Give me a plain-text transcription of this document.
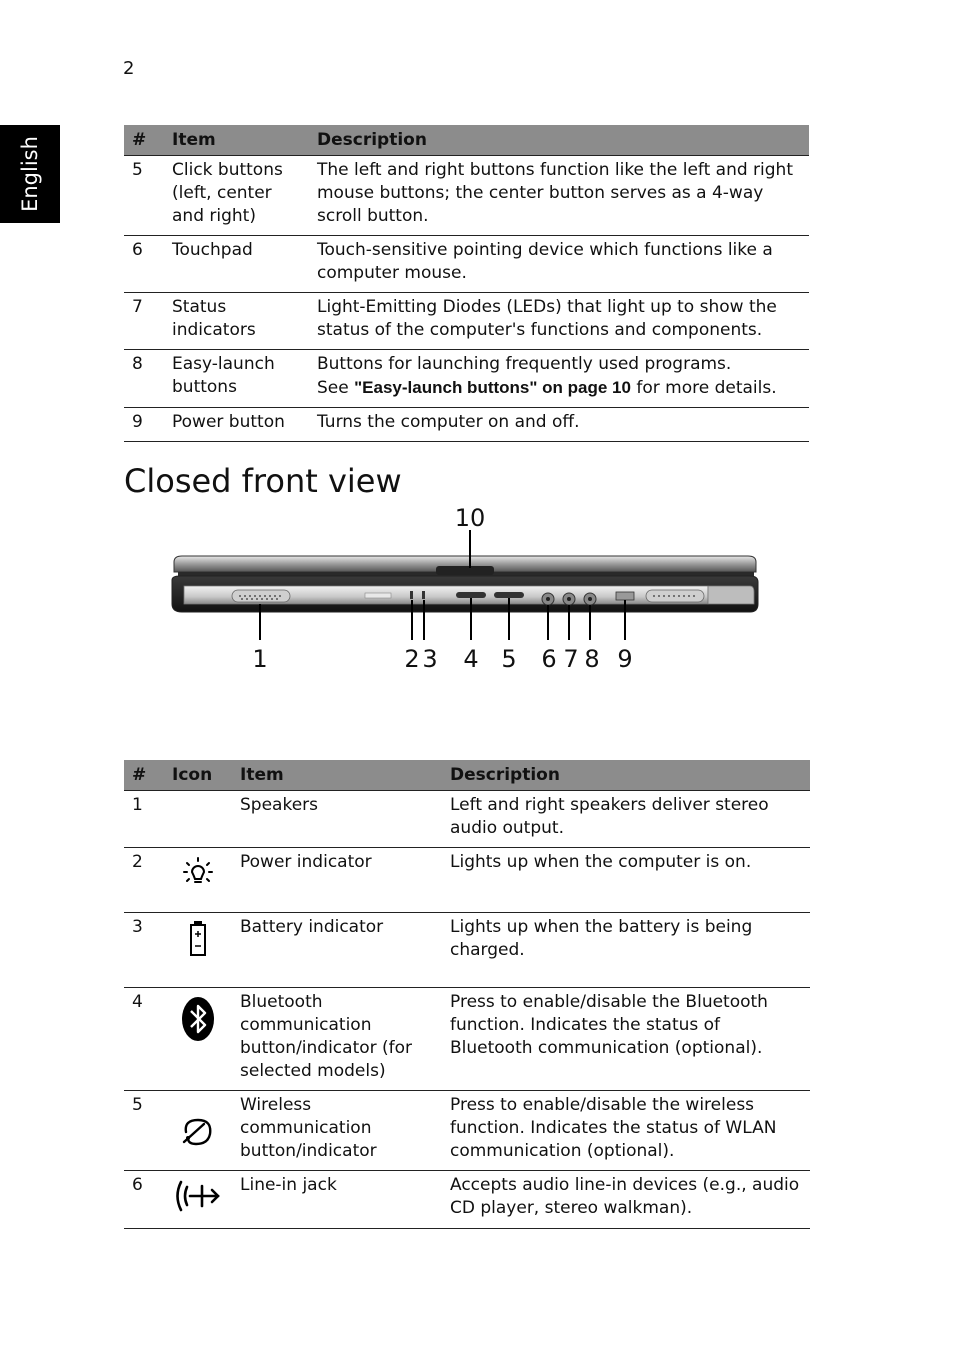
2
English	#	Item	Description
5	Click buttons (left, center and right)	The left and right buttons function like the left and right mouse buttons; the center button serves as a 4-way scroll button.
6	Touchpad	Touch-sensitive pointing device which functions like a computer mouse.
7	Status indicators	Light-Emitting Diodes (LEDs) that light up to show the status of the computer's functions and components.
8	Easy-launch buttons	Buttons for launching frequently used programs.
See "Easy-launch buttons" on page 10 for more details.

9	Power button	Turns the computer on and off.
Closed front view
10
1	2 3 4 5 6 7 8 9
#	Icon	Item	Description
1		Speakers	Left and right speakers deliver stereo audio output.
2		Power indicator	Lights up when the computer is on.
3		Battery indicator	Lights up when the battery is being charged.
4		Bluetooth communication button/indicator (for selected models)	Press to enable/disable the Bluetooth function. Indicates the status of Bluetooth communication (optional).
5		Wireless communication button/indicator	Press to enable/disable the wireless function. Indicates the status of WLAN communication (optional).
6		Line-in jack	Accepts audio line-in devices (e.g., audio CD player, stereo walkman).
